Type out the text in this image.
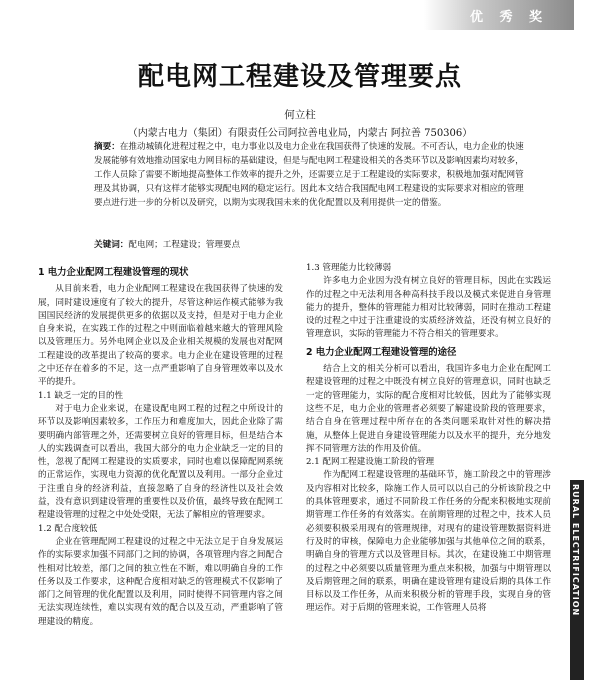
优 秀 奖
配电网工程建设及管理要点
何立柱
（内蒙古电力（集团）有限责任公司阿拉善电业局，内蒙古 阿拉善 750306）
摘要：在推动城镇化进程过程之中，电力事业以及电力企业在我国获得了快速的发展。不可否认，电力企业的快速发展能够有效地推动国家电力网目标的基础建设，但是与配电网工程建设相关的各类环节以及影响因素均对较多，工作人员除了需要不断地提高整体工作效率的提升之外，还需要立足于工程建设的实际要求，积极地加强对配网管理及其协调，只有这样才能够实现配电网的稳定运行。因此本文结合我国配电网工程建设的实际要求对相应的管理要点进行进一步的分析以及研究，以期为实现我国未来的优化配置以及利用提供一定的借鉴。
关键词：配电网；工程建设；管理要点
1 电力企业配网工程建设管理的现状
从目前来看，电力企业配网工程建设在我国获得了快速的发展，同时建设速度有了较大的提升，尽管这种运作模式能够为我国国民经济的发展提供更多的依据以及支持，但是对于电力企业自身来说，在实践工作的过程之中则面临着越来越大的管理风险以及管理压力。另外电网企业以及企业相关规模的发展也对配网工程建设的改革提出了较高的要求。电力企业在建设管理的过程之中还存在着多的不足，这一点严重影响了自身管理效率以及水平的提升。
1.1 缺乏一定的目的性
对于电力企业来说，在建设配电网工程的过程之中所设计的环节以及影响因素较多，工作压力和难度加大，因此企业除了需要明确内部管理之外，还需要树立良好的管理目标，但是结合本人的实践调查可以看出，我国大部分的电力企业缺乏一定的目的性，忽视了配网工程建设的实质要求，同时也难以保障配网系统的正常运作，实现电力资源的优化配置以及利用。一部分企业过于注重自身的经济利益，直接忽略了自身的经济性以及社会效益，没有意识到建设管理的重要性以及价值，最终导致在配网工程建设管理的过程之中处处受限，无法了解相应的管理要求。
1.2 配合度较低
企业在管理配网工程建设的过程之中无法立足于自身发展运作的实际要求加强不同部门之间的协调，各项管理内容之间配合性相对比较差，部门之间的独立性在不断，难以明确自身的工作任务以及工作要求，这种配合度相对缺乏的管理模式不仅影响了部门之间管理的优化配置以及利用，同时使得不同管理内容之间无法实现连续性，难以实现有效的配合以及互动，严重影响了管理建设的精度。
1.3 管理能力比较薄弱
许多电力企业因为没有树立良好的管理目标，因此在实践运作的过程之中无法利用各种高科技手段以及模式来促进自身管理能力的提升，整体的管理能力相对比较薄弱，同时在推动工程建设的过程之中过于注重建设的实质经济效益，还没有树立良好的管理意识，实际的管理能力不符合相关的管理要求。
2 电力企业配网工程建设管理的途径
结合上文的相关分析可以看出，我国许多电力企业在配网工程建设管理的过程之中既没有树立良好的管理意识，同时也缺乏一定的管理能力，实际的配合度相对比较低，因此为了能够实现这些不足，电力企业的管理者必须要了解建设阶段的管理要求，结合自身在管理过程中所存在的各类问题采取针对性的解决措施，从整体上促进自身建设管理能力以及水平的提升，充分地发挥不同管理方法的作用及价值。
2.1 配网工程建设施工阶段的管理
作为配网工程建设管理的基础环节，施工阶段之中的管理涉及内容相对比较多，除施工作人员可以以自己的分析该阶段之中的具体管理要求，通过不同阶段工作任务的分配来积极地实现前期管理工作任务的有效落实。在前期管理的过程之中，技术人员必须要积极采用现有的管理规律，对现有的建设管理数据资料进行及时的审核，保障电力企业能够加强与其他单位之间的联系，明确自身的管理方式以及管理目标。其次，在建设施工中期管理的过程之中必须要以质量管理为重点来积极，加强与中期管理以及后期管理之间的联系，明确在建设管理有建设后期的具体工作目标以及工作任务，从而来积极分析的管理手段，实现自身的管理运作。对于后期的管理来说，工作管理人员将	RURAL ELECTRIFICATION
